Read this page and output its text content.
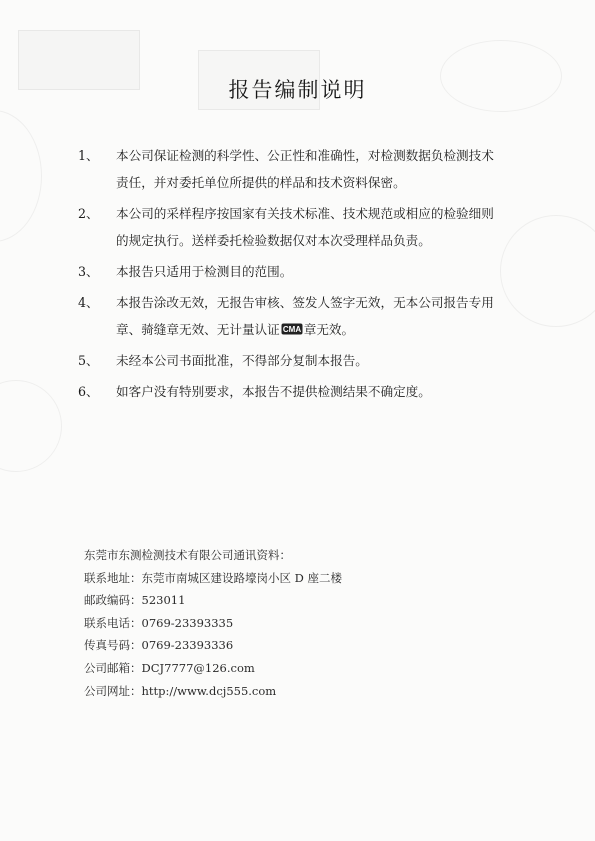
报告编制说明
1、	本公司保证检测的科学性、公正性和准确性，对检测数据负检测技术
责任，并对委托单位所提供的样品和技术资料保密。
2、	本公司的采样程序按国家有关技术标准、技术规范或相应的检验细则
的规定执行。送样委托检验数据仅对本次受理样品负责。
3、	本报告只适用于检测目的范围。
4、	本报告涂改无效，无报告审核、签发人签字无效，无本公司报告专用
章、骑缝章无效、无计量认证 CMA 章无效。
5、	未经本公司书面批准，不得部分复制本报告。
6、	如客户没有特别要求，本报告不提供检测结果不确定度。
东莞市东测检测技术有限公司通讯资料：
联系地址：东莞市南城区建设路壕岗小区 D 座二楼
邮政编码：523011
联系电话：0769-23393335
传真号码：0769-23393336
公司邮箱：DCJ7777@126.com
公司网址：http://www.dcj555.com
